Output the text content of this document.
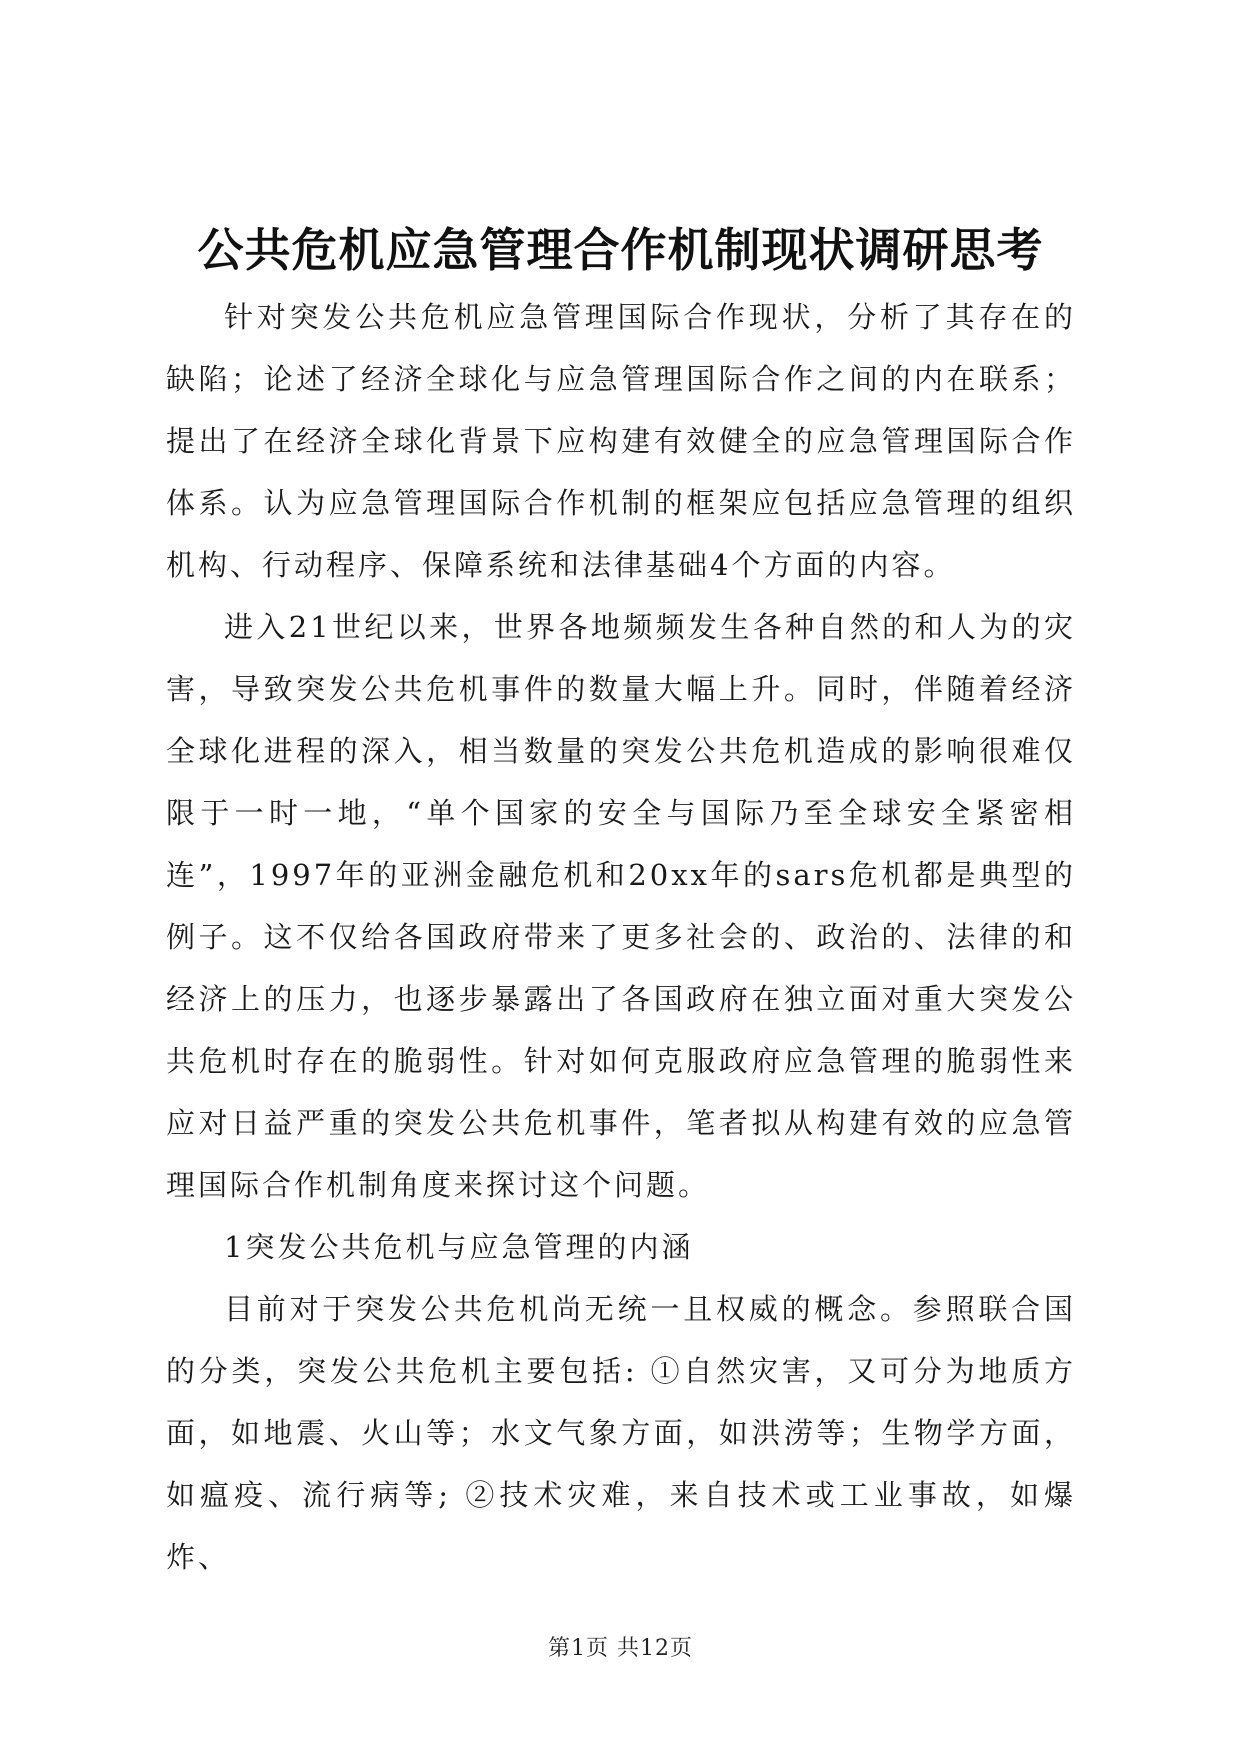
公共危机应急管理合作机制现状调研思考

针对突发公共危机应急管理国际合作现状，分析了其存在的缺陷；论述了经济全球化与应急管理国际合作之间的内在联系；提出了在经济全球化背景下应构建有效健全的应急管理国际合作体系。认为应急管理国际合作机制的框架应包括应急管理的组织机构、行动程序、保障系统和法律基础4个方面的内容。

进入21世纪以来，世界各地频频发生各种自然的和人为的灾害，导致突发公共危机事件的数量大幅上升。同时，伴随着经济全球化进程的深入，相当数量的突发公共危机造成的影响很难仅限于一时一地，“单个国家的安全与国际乃至全球安全紧密相连”，1997年的亚洲金融危机和20xx年的sars危机都是典型的例子。这不仅给各国政府带来了更多社会的、政治的、法律的和经济上的压力，也逐步暴露出了各国政府在独立面对重大突发公共危机时存在的脆弱性。针对如何克服政府应急管理的脆弱性来应对日益严重的突发公共危机事件，笔者拟从构建有效的应急管理国际合作机制角度来探讨这个问题。

1突发公共危机与应急管理的内涵

目前对于突发公共危机尚无统一且权威的概念。参照联合国的分类，突发公共危机主要包括: ①自然灾害，又可分为地质方面，如地震、火山等；水文气象方面，如洪涝等；生物学方面，如瘟疫、流行病等; ②技术灾难，来自技术或工业事故，如爆炸、

第1页 共12页
